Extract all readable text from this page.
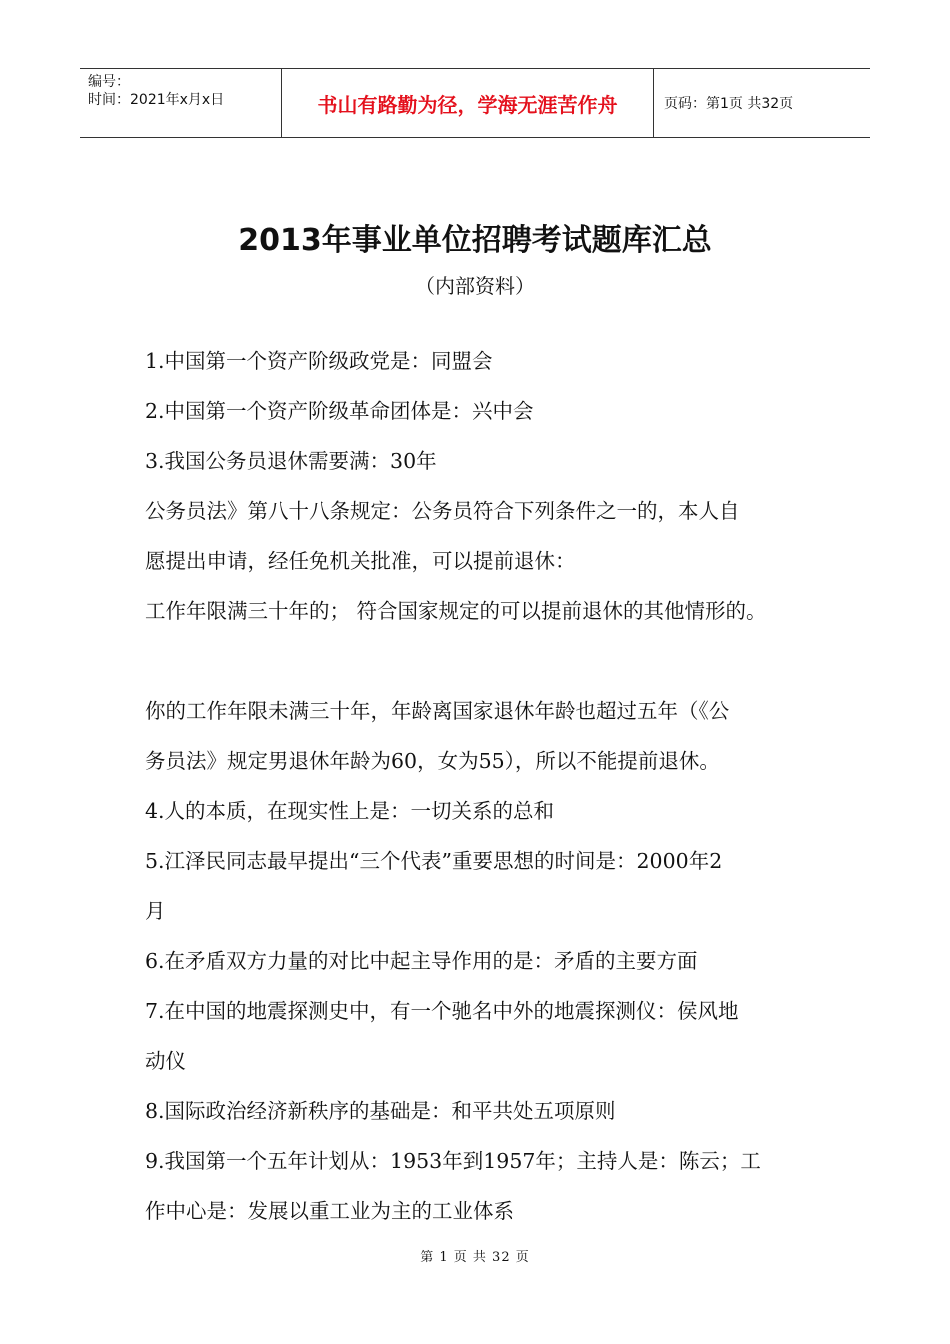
编号：
时间：2021年x月x日	书山有路勤为径，学海无涯苦作舟	页码：第1页 共32页
2013年事业单位招聘考试题库汇总
（内部资料）
1.中国第一个资产阶级政党是：同盟会
2.中国第一个资产阶级革命团体是：兴中会
3.我国公务员退休需要满：30年
公务员法》第八十八条规定：公务员符合下列条件之一的，本人自
愿提出申请，经任免机关批准，可以提前退休：
工作年限满三十年的； 符合国家规定的可以提前退休的其他情形的。
你的工作年限未满三十年，年龄离国家退休年龄也超过五年（《公
务员法》规定男退休年龄为60，女为55），所以不能提前退休。
4.人的本质，在现实性上是：一切关系的总和
5.江泽民同志最早提出“三个代表”重要思想的时间是：2000年2
月
6.在矛盾双方力量的对比中起主导作用的是：矛盾的主要方面
7.在中国的地震探测史中，有一个驰名中外的地震探测仪：侯风地
动仪
8.国际政治经济新秩序的基础是：和平共处五项原则
9.我国第一个五年计划从：1953年到1957年；主持人是：陈云；工
作中心是：发展以重工业为主的工业体系
第 1 页 共 32 页
